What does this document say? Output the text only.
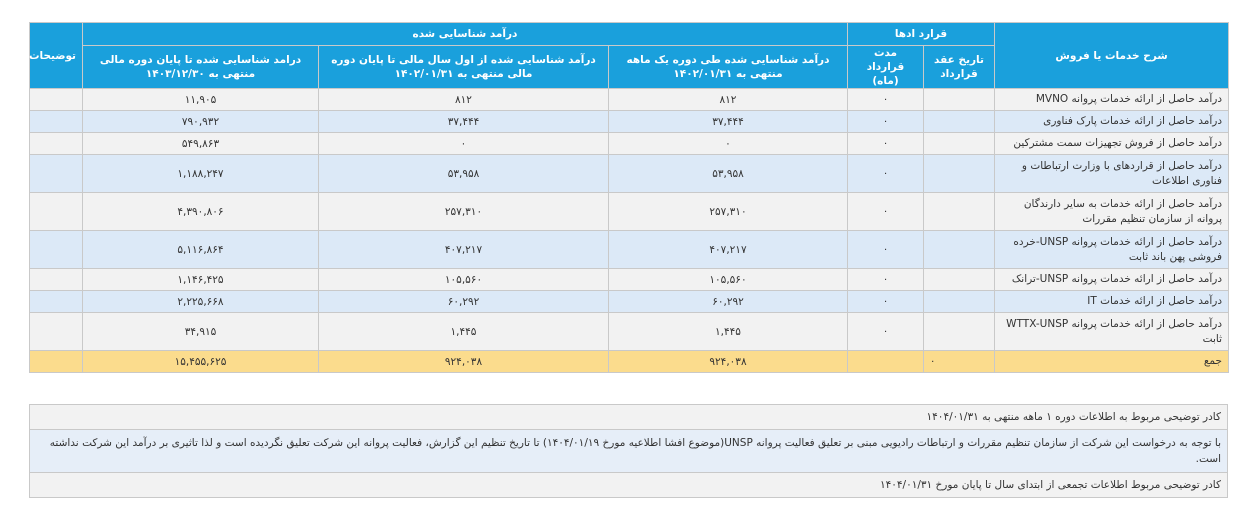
شرح خدمات یا فروش	قرارد ادها		درآمد شناسایی شده			توضیحات
	تاریخ عقد قرارداد	مدت قرارداد (ماه)	درآمد شناسایی شده طی دوره یک ماهه منتهی به ۱۴۰۲/۰۱/۳۱	درآمد شناسایی شده از اول سال مالی تا پایان دوره مالی منتهی به ۱۴۰۲/۰۱/۳۱	درامد شناسایی شده تا پایان دوره مالی منتهی به ۱۴۰۳/۱۲/۳۰	
درآمد حاصل از ارائه خدمات پروانه MVNO		۰	۸۱۲	۸۱۲	۱۱,۹۰۵	
درآمد حاصل از ارائه خدمات پارک فناوری		۰	۳۷,۴۴۴	۳۷,۴۴۴	۷۹۰,۹۳۲	
درآمد حاصل از فروش تجهیزات سمت مشترکین		۰	۰	۰	۵۴۹,۸۶۳	
درآمد حاصل از قراردهای با وزارت ارتباطات و فناوری اطلاعات		۰	۵۳,۹۵۸	۵۳,۹۵۸	۱,۱۸۸,۲۴۷	
درآمد حاصل از ارائه خدمات به سایر دارندگان پروانه از سازمان تنظیم مقررات		۰	۲۵۷,۳۱۰	۲۵۷,۳۱۰	۴,۳۹۰,۸۰۶	
درآمد حاصل از ارائه خدمات پروانه UNSP-خرده فروشی پهن باند ثابت		۰	۴۰۷,۲۱۷	۴۰۷,۲۱۷	۵,۱۱۶,۸۶۴	
درآمد حاصل از ارائه خدمات پروانه UNSP-ترانک		۰	۱۰۵,۵۶۰	۱۰۵,۵۶۰	۱,۱۴۶,۴۲۵	
درآمد حاصل از ارائه خدمات IT		۰	۶۰,۲۹۲	۶۰,۲۹۲	۲,۲۲۵,۶۶۸	
درآمد حاصل از ارائه خدمات پروانه WTTX-UNSP ثابت		۰	۱,۴۴۵	۱,۴۴۵	۳۴,۹۱۵	
جمع	۰		۹۲۴,۰۳۸	۹۲۴,۰۳۸	۱۵,۴۵۵,۶۲۵	
کادر توضیحی مربوط به اطلاعات دوره ۱ ماهه منتهی به ۱۴۰۴/۰۱/۳۱
با توجه به درخواست این شرکت از سازمان تنظیم مقررات و ارتباطات رادیویی مبنی بر تعلیق فعالیت پروانه UNSP(موضوع افشا اطلاعیه مورخ ۱۴۰۴/۰۱/۱۹) تا تاریخ تنظیم این گزارش، فعالیت پروانه این شرکت تعلیق نگردیده است و لذا تاثیری بر درآمد این شرکت نداشته است.
کادر توضیحی مربوط اطلاعات تجمعی از ابتدای سال تا پایان مورخ ۱۴۰۴/۰۱/۳۱
